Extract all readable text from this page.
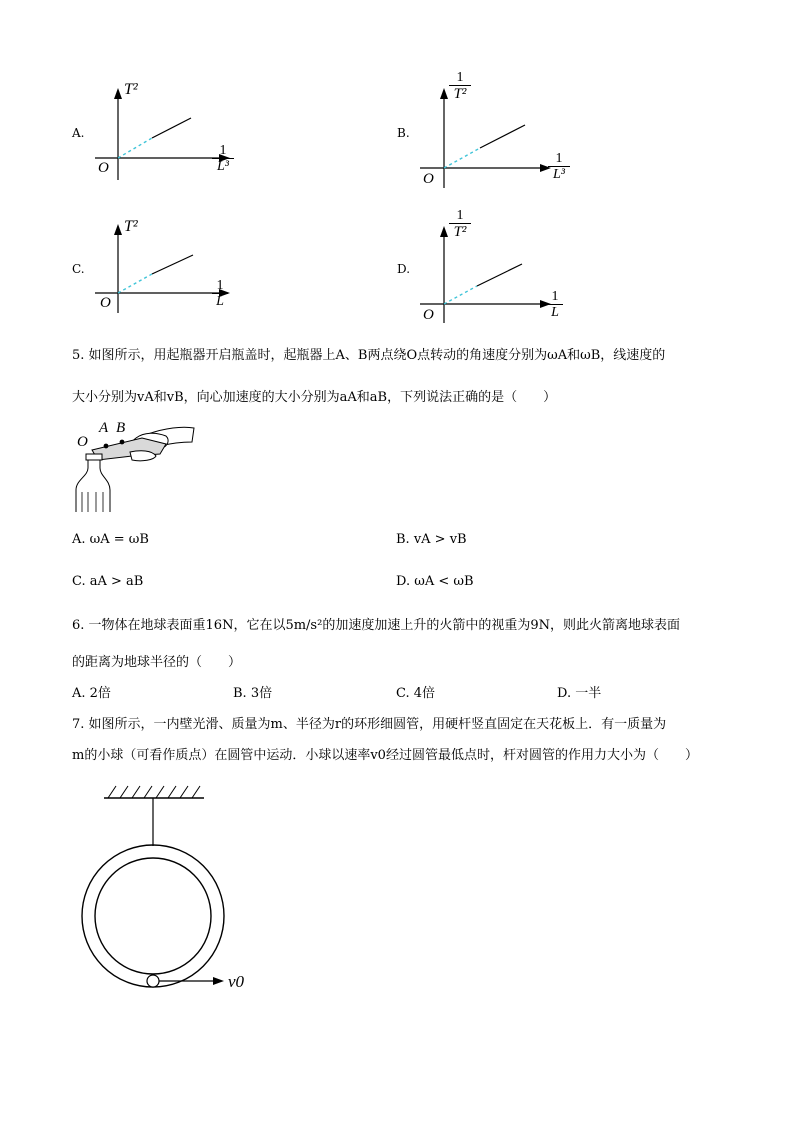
A.
O
T²
$\frac{1}{\text{L³}}$
B.
O
$\frac{1}{\text{T²}}$
$\frac{1}{\text{L³}}$
C.
O
T²
$\frac{1}{L}$
D.
O
$\frac{1}{\text{T²}}$
$\frac{1}{L}$
5. 如图所示，用起瓶器开启瓶盖时，起瓶器上A、B两点绕O点转动的角速度分别为ωA和ωB，线速度的
大小分别为vA和vB，向心加速度的大小分别为aA和aB，下列说法正确的是（　　）
O
A B
A. ωA = ωB	B. vA > vB
C. aA > aB	D. ωA < ωB
6. 一物体在地球表面重16N，它在以5m/s²的加速度加速上升的火箭中的视重为9N，则此火箭离地球表面
的距离为地球半径的（　　）
A. 2倍	B. 3倍	C. 4倍	D. 一半
7. 如图所示，一内壁光滑、质量为m、半径为r的环形细圆管，用硬杆竖直固定在天花板上．有一质量为
m的小球（可看作质点）在圆管中运动．小球以速率v0经过圆管最低点时，杆对圆管的作用力大小为（　　）
v0
